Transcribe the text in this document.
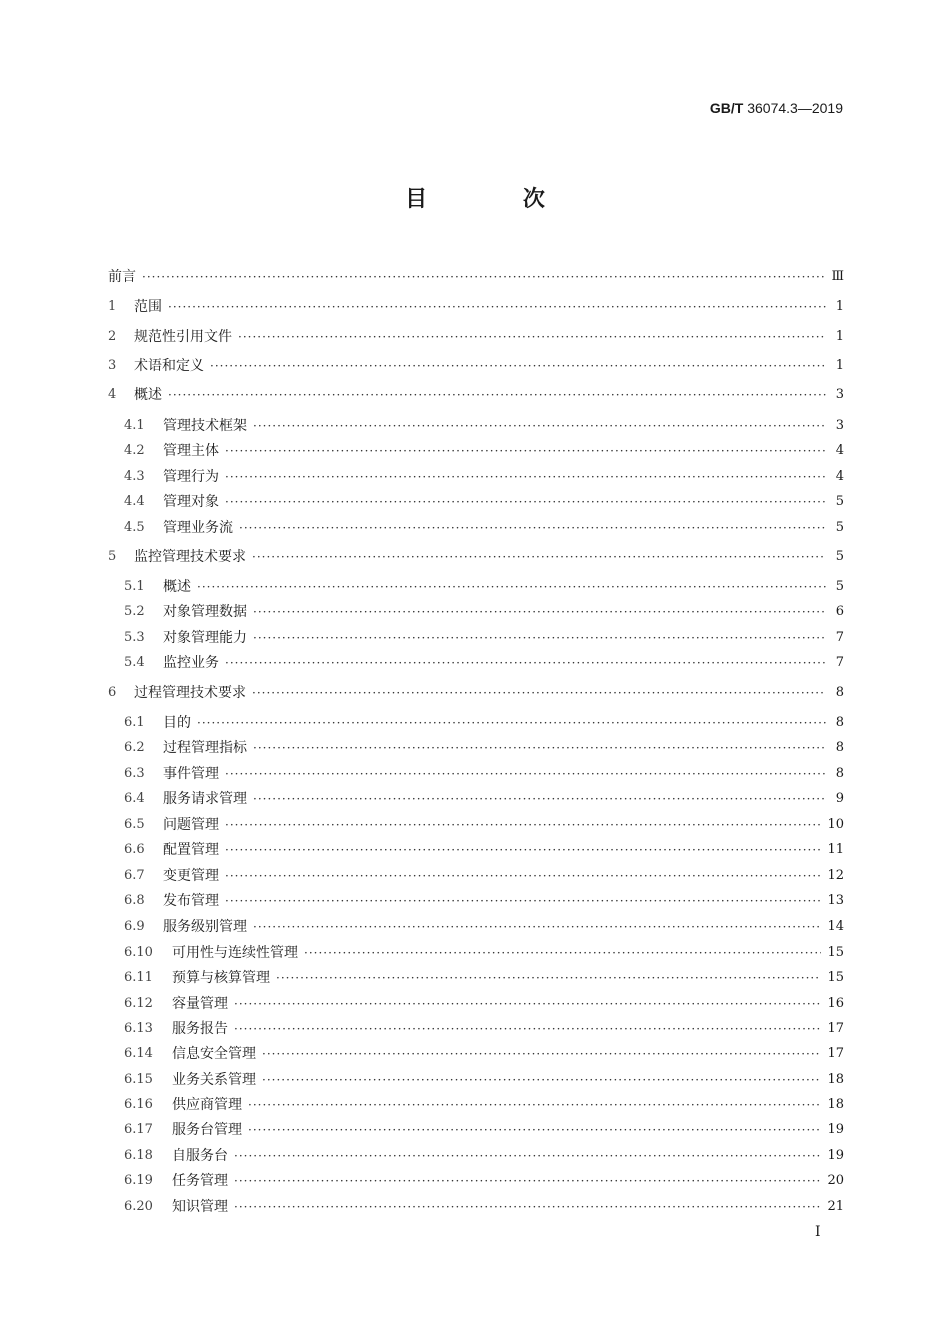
GB/T 36074.3—2019
目 次
前言 ·····	Ⅲ
1	范围 ·····	1
2	规范性引用文件 ·····	1
3	术语和定义 ·····	1
4	概述 ·····	3
4.1	管理技术框架 ·····	3
4.2	管理主体 ·····	4
4.3	管理行为 ·····	4
4.4	管理对象 ·····	5
4.5	管理业务流 ·····	5
5	监控管理技术要求 ·····	5
5.1	概述 ·····	5
5.2	对象管理数据 ·····	6
5.3	对象管理能力 ·····	7
5.4	监控业务 ·····	7
6	过程管理技术要求 ·····	8
6.1	目的 ·····	8
6.2	过程管理指标 ·····	8
6.3	事件管理 ·····	8
6.4	服务请求管理 ·····	9
6.5	问题管理 ·····	10
6.6	配置管理 ·····	11
6.7	变更管理 ·····	12
6.8	发布管理 ·····	13
6.9	服务级别管理 ·····	14
6.10	可用性与连续性管理 ·····	15
6.11	预算与核算管理 ·····	15
6.12	容量管理 ·····	16
6.13	服务报告 ·····	17
6.14	信息安全管理 ·····	17
6.15	业务关系管理 ·····	18
6.16	供应商管理 ·····	18
6.17	服务台管理 ·····	19
6.18	自服务台 ·····	19
6.19	任务管理 ·····	20
6.20	知识管理 ·····	21
I
